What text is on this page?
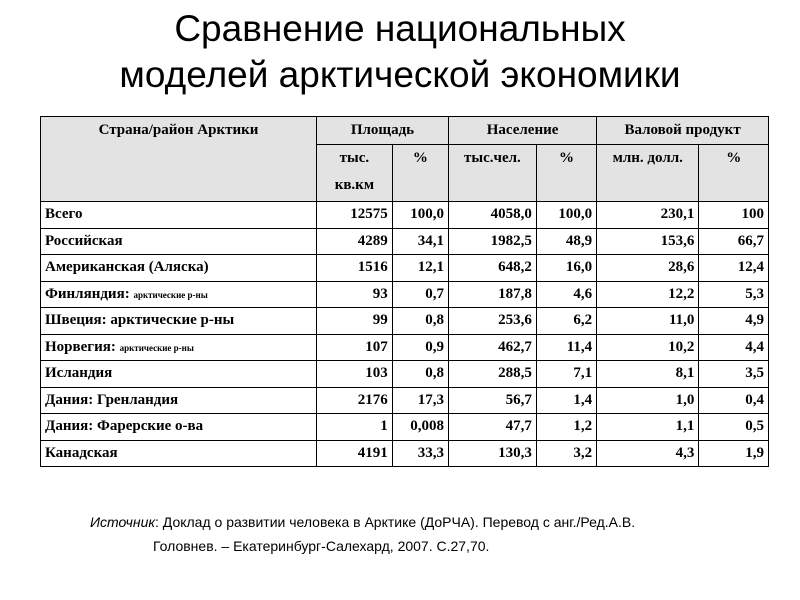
Сравнение национальных
моделей арктической экономики
Страна/район Арктики	Площадь		Население		Валовой продукт	
	тыс. кв.км	%	тыс.чел.	%	млн. долл.	%
Всего	12575	100,0	4058,0	100,0	230,1	100
Российская	4289	34,1	1982,5	48,9	153,6	66,7
Американская (Аляска)	1516	12,1	648,2	16,0	28,6	12,4
Финляндия: арктические р-ны	93	0,7	187,8	4,6	12,2	5,3
Швеция: арктические р-ны	99	0,8	253,6	6,2	11,0	4,9
Норвегия: арктические р-ны	107	0,9	462,7	11,4	10,2	4,4
Исландия	103	0,8	288,5	7,1	8,1	3,5
Дания: Гренландия	2176	17,3	56,7	1,4	1,0	0,4
Дания: Фарерские о-ва	1	0,008	47,7	1,2	1,1	0,5
Канадская	4191	33,3	130,3	3,2	4,3	1,9
Источник: Доклад о развитии человека в Арктике (ДоРЧА). Перевод с анг./Ред.А.В.
Головнев. – Екатеринбург-Салехард, 2007. С.27,70.
